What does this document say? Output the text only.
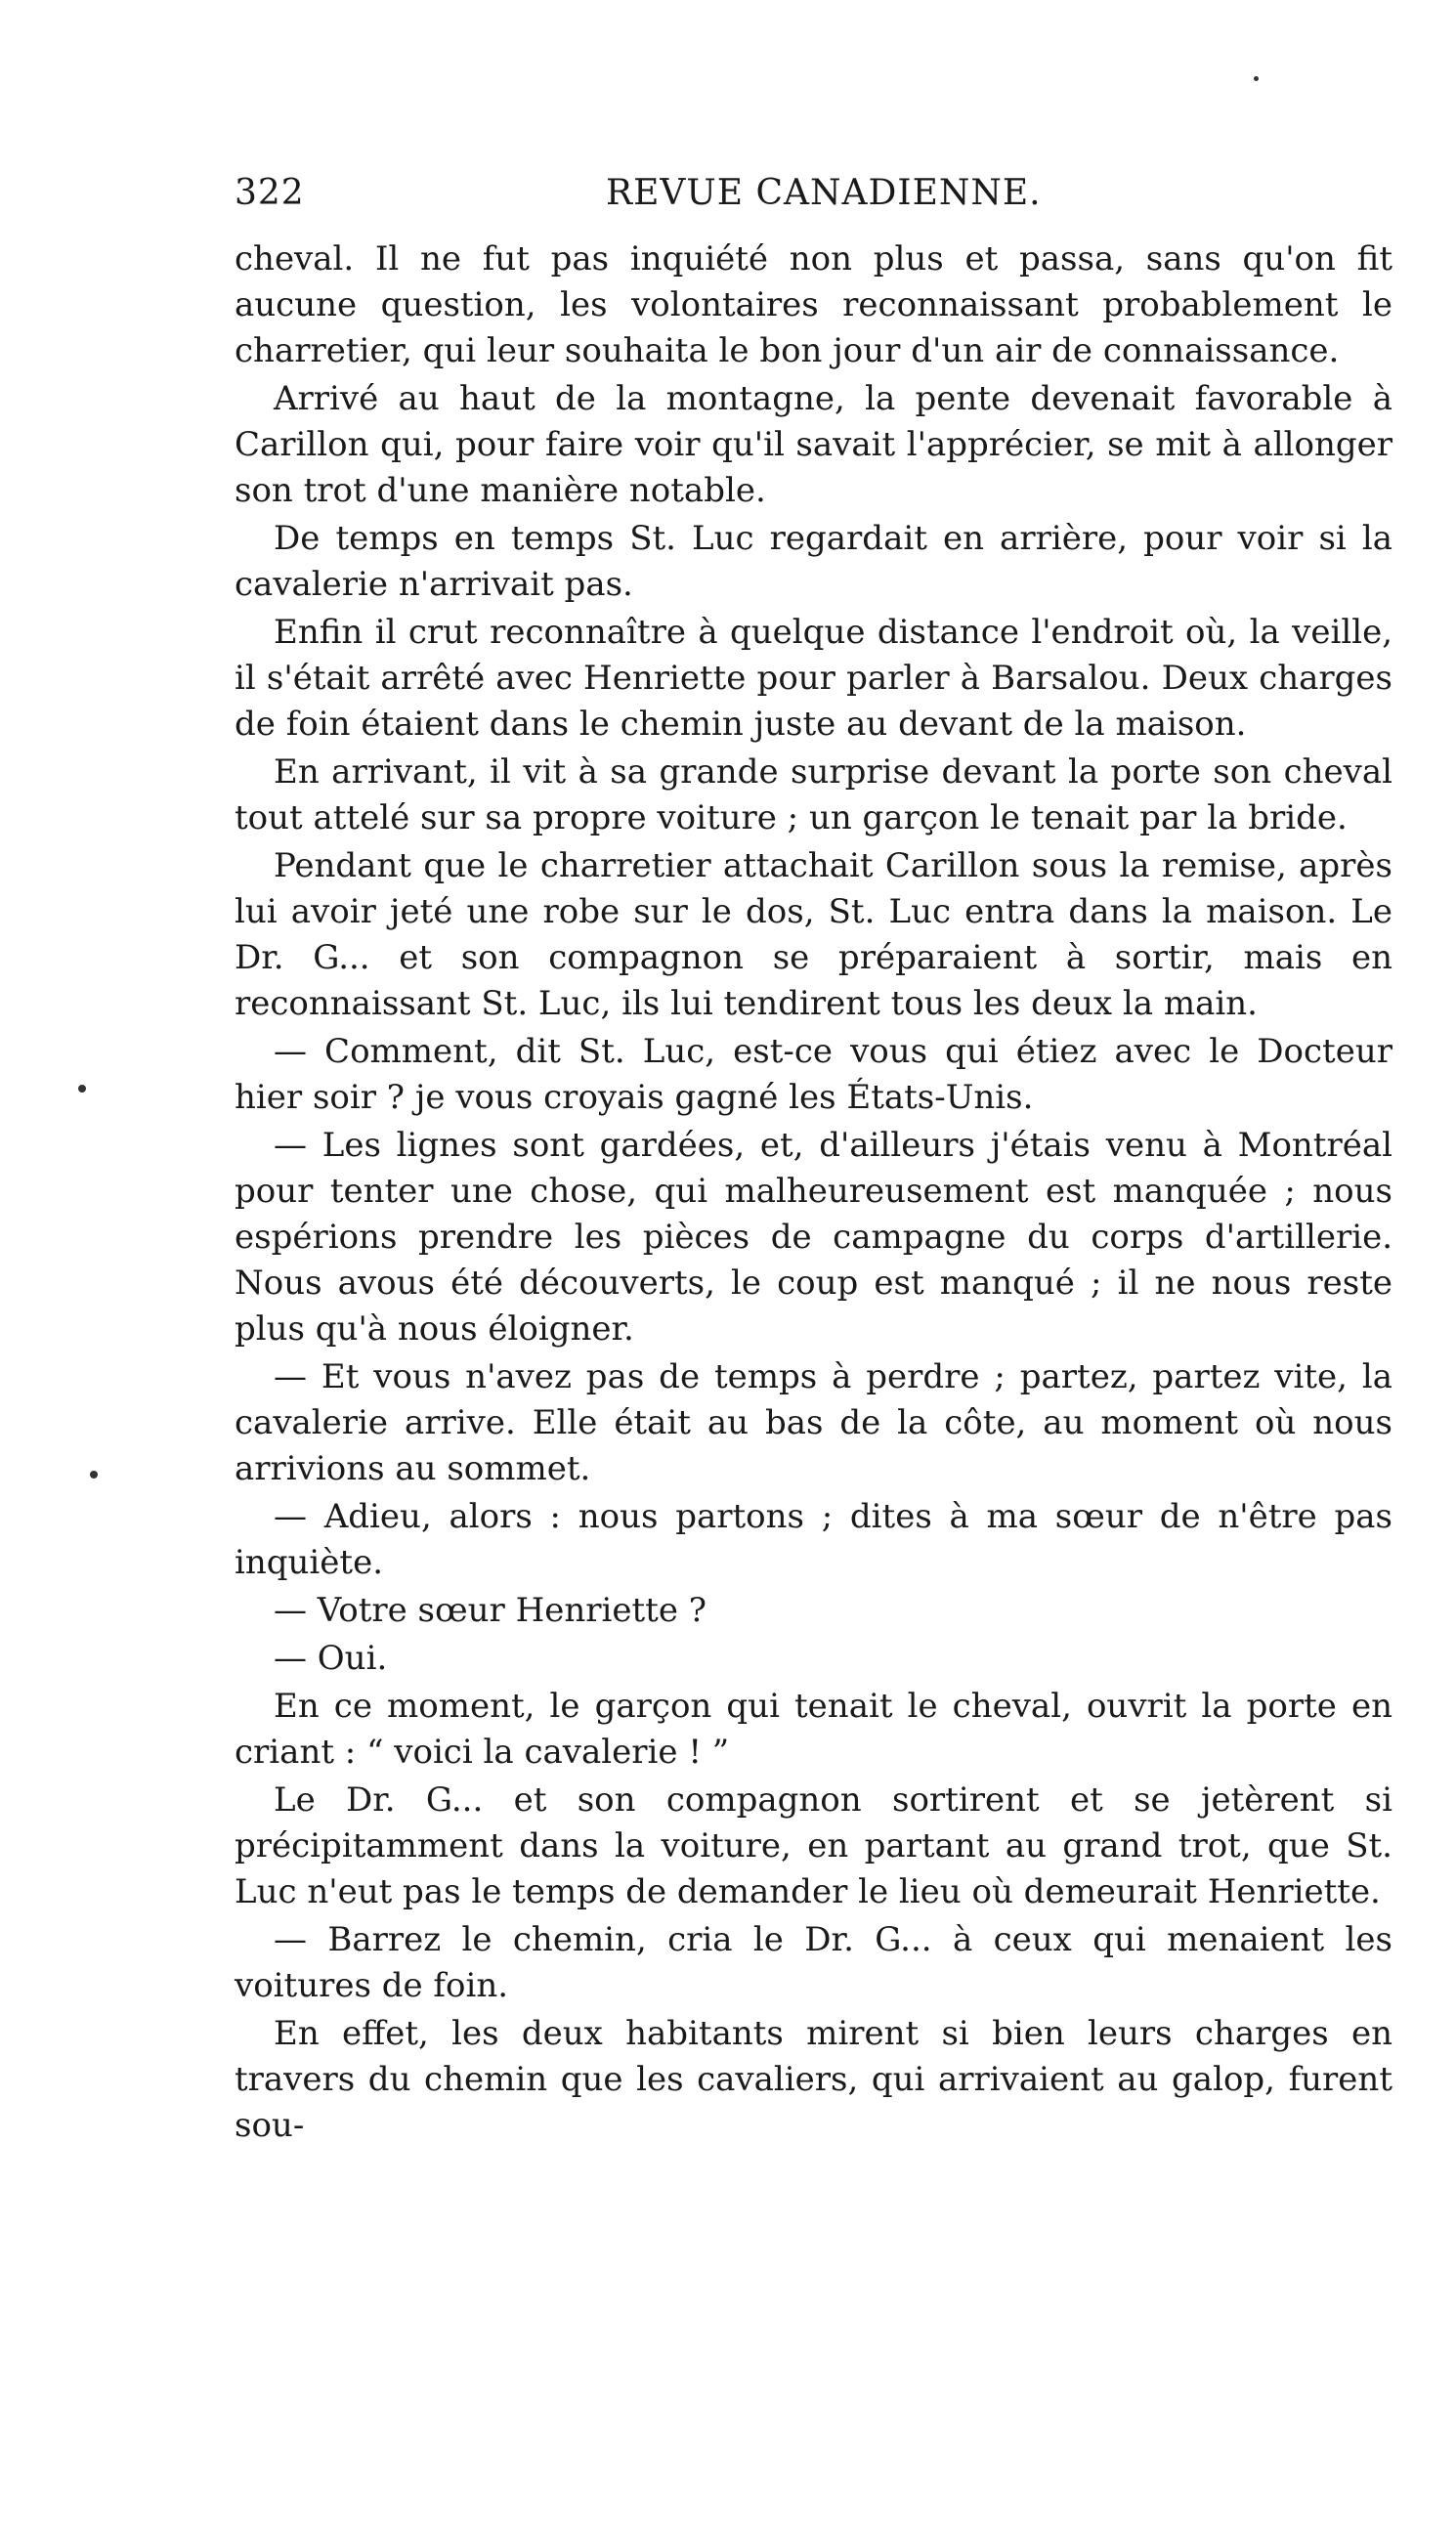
322	REVUE CANADIENNE.

cheval. Il ne fut pas inquiété non plus et passa, sans qu'on fit aucune question, les volontaires reconnaissant probablement le charretier, qui leur souhaita le bon jour d'un air de connaissance.

Arrivé au haut de la montagne, la pente devenait favorable à Carillon qui, pour faire voir qu'il savait l'apprécier, se mit à allonger son trot d'une manière notable.

De temps en temps St. Luc regardait en arrière, pour voir si la cavalerie n'arrivait pas.

Enfin il crut reconnaître à quelque distance l'endroit où, la veille, il s'était arrêté avec Henriette pour parler à Barsalou. Deux charges de foin étaient dans le chemin juste au devant de la maison.

En arrivant, il vit à sa grande surprise devant la porte son cheval tout attelé sur sa propre voiture ; un garçon le tenait par la bride.

Pendant que le charretier attachait Carillon sous la remise, après lui avoir jeté une robe sur le dos, St. Luc entra dans la maison. Le Dr. G... et son compagnon se préparaient à sortir, mais en reconnaissant St. Luc, ils lui tendirent tous les deux la main.

— Comment, dit St. Luc, est-ce vous qui étiez avec le Docteur hier soir ? je vous croyais gagné les États-Unis.

— Les lignes sont gardées, et, d'ailleurs j'étais venu à Montréal pour tenter une chose, qui malheureusement est manquée ; nous espérions prendre les pièces de campagne du corps d'artillerie. Nous avous été découverts, le coup est manqué ; il ne nous reste plus qu'à nous éloigner.

— Et vous n'avez pas de temps à perdre ; partez, partez vite, la cavalerie arrive. Elle était au bas de la côte, au moment où nous arrivions au sommet.

— Adieu, alors : nous partons ; dites à ma sœur de n'être pas inquiète.

— Votre sœur Henriette ?

— Oui.

En ce moment, le garçon qui tenait le cheval, ouvrit la porte en criant : “ voici la cavalerie ! ”

Le Dr. G... et son compagnon sortirent et se jetèrent si précipitamment dans la voiture, en partant au grand trot, que St. Luc n'eut pas le temps de demander le lieu où demeurait Henriette.

— Barrez le chemin, cria le Dr. G... à ceux qui menaient les voitures de foin.

En effet, les deux habitants mirent si bien leurs charges en travers du chemin que les cavaliers, qui arrivaient au galop, furent sou-
